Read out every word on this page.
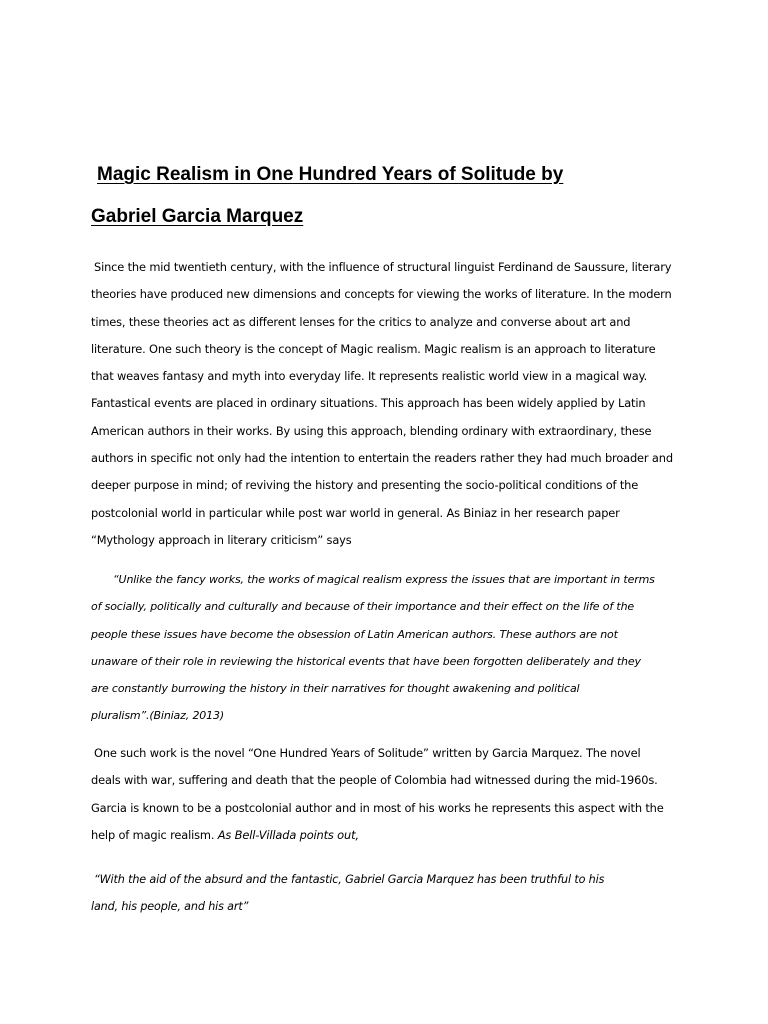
Magic Realism in One Hundred Years of Solitude by
Gabriel Garcia Marquez

Since the mid twentieth century, with the influence of structural linguist Ferdinand de Saussure, literary
theories have produced new dimensions and concepts for viewing the works of literature. In the modern
times, these theories act as different lenses for the critics to analyze and converse about art and
literature. One such theory is the concept of Magic realism. Magic realism is an approach to literature
that weaves fantasy and myth into everyday life. It represents realistic world view in a magical way.
Fantastical events are placed in ordinary situations. This approach has been widely applied by Latin
American authors in their works. By using this approach, blending ordinary with extraordinary, these
authors in specific not only had the intention to entertain the readers rather they had much broader and
deeper purpose in mind; of reviving the history and presenting the socio-political conditions of the
postcolonial world in particular while post war world in general. As Biniaz in her research paper
“Mythology approach in literary criticism” says

“Unlike the fancy works, the works of magical realism express the issues that are important in terms
of socially, politically and culturally and because of their importance and their effect on the life of the
people these issues have become the obsession of Latin American authors. These authors are not
unaware of their role in reviewing the historical events that have been forgotten deliberately and they
are constantly burrowing the history in their narratives for thought awakening and political
pluralism”.(Biniaz, 2013)

One such work is the novel “One Hundred Years of Solitude” written by Garcia Marquez. The novel
deals with war, suffering and death that the people of Colombia had witnessed during the mid-1960s.
Garcia is known to be a postcolonial author and in most of his works he represents this aspect with the
help of magic realism. As Bell-Villada points out,

“With the aid of the absurd and the fantastic, Gabriel Garcia Marquez has been truthful to his
land, his people, and his art”
